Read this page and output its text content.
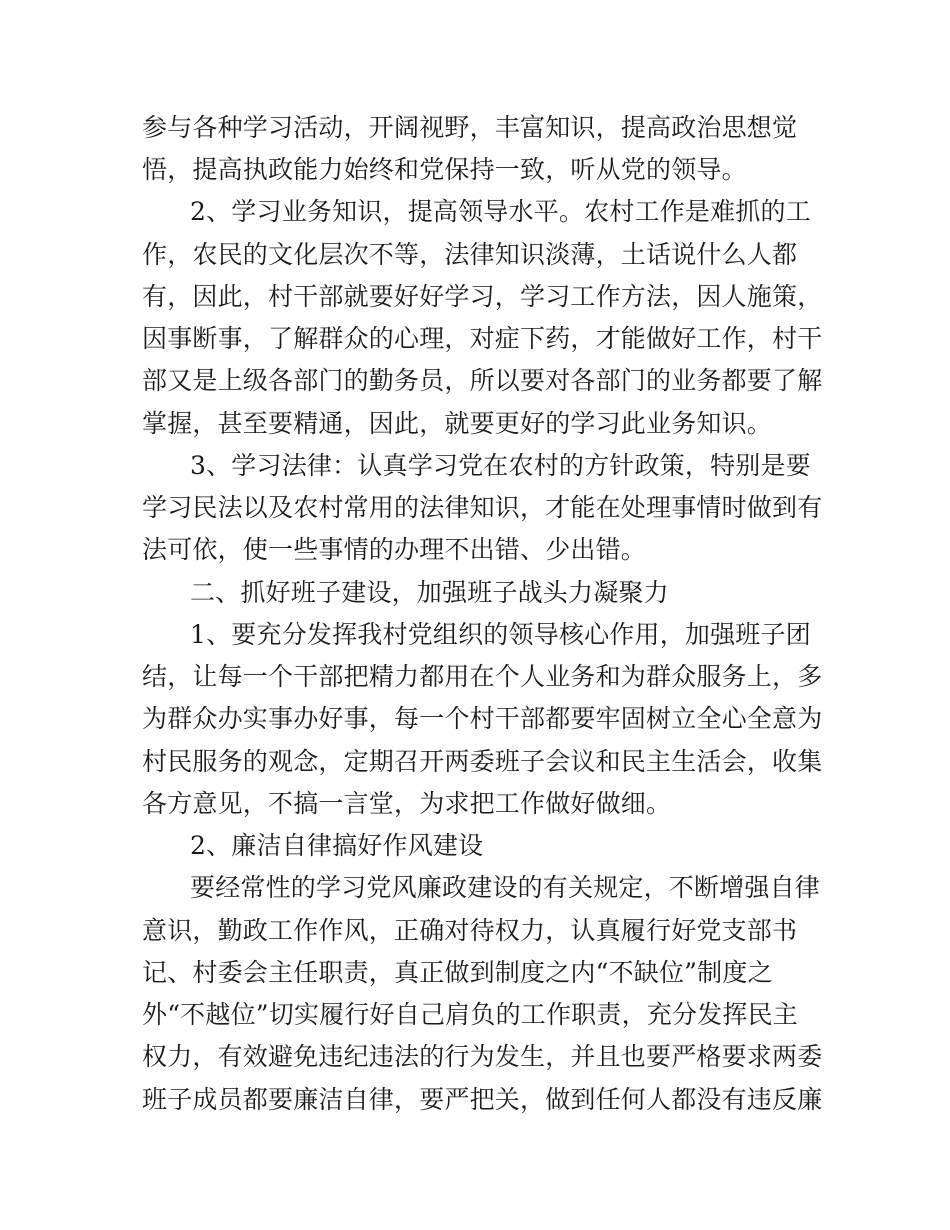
参与各种学习活动，开阔视野，丰富知识，提高政治思想觉
悟，提高执政能力始终和党保持一致，听从党的领导。
2、学习业务知识，提高领导水平。农村工作是难抓的工
作，农民的文化层次不等，法律知识淡薄，土话说什么人都
有，因此，村干部就要好好学习，学习工作方法，因人施策，
因事断事，了解群众的心理，对症下药，才能做好工作，村干
部又是上级各部门的勤务员，所以要对各部门的业务都要了解
掌握，甚至要精通，因此，就要更好的学习此业务知识。
3、学习法律：认真学习党在农村的方针政策，特别是要
学习民法以及农村常用的法律知识，才能在处理事情时做到有
法可依，使一些事情的办理不出错、少出错。
二、抓好班子建设，加强班子战头力凝聚力
1、要充分发挥我村党组织的领导核心作用，加强班子团
结，让每一个干部把精力都用在个人业务和为群众服务上，多
为群众办实事办好事，每一个村干部都要牢固树立全心全意为
村民服务的观念，定期召开两委班子会议和民主生活会，收集
各方意见，不搞一言堂，为求把工作做好做细。
2、廉洁自律搞好作风建设
要经常性的学习党风廉政建设的有关规定，不断增强自律
意识，勤政工作作风，正确对待权力，认真履行好党支部书
记、村委会主任职责，真正做到制度之内“不缺位”制度之
外“不越位”切实履行好自己肩负的工作职责，充分发挥民主
权力，有效避免违纪违法的行为发生，并且也要严格要求两委
班子成员都要廉洁自律，要严把关，做到任何人都没有违反廉
